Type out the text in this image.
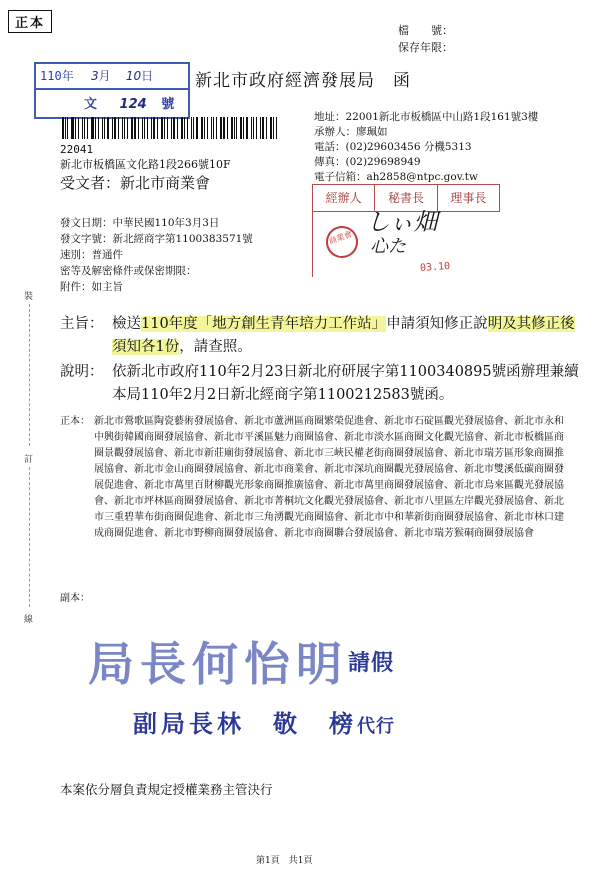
正本	檔　　號：
保存年限：
110年 3月 10日
文 124 號
新北市政府經濟發展局　函
地址：22001新北市板橋區中山路1段161號3樓
承辦人：廖珮如
電話：(02)29603456 分機5313
傳真：(02)29698949
電子信箱：ah2858@ntpc.gov.tw
22041
新北市板橋區文化路1段266號10F
受文者：新北市商業會
經辦人	秘書長	理事長
商業會
しぃ畑
心た
03.10
發文日期：中華民國110年3月3日
發文字號：新北經商字第1100383571號
速別：普通件
密等及解密條件或保密期限：
附件：如主旨
裝
訂
線
主旨： 檢送110年度「地方創生青年培力工作站」申請須知修正說明及其修正後須知各1份，請查照。
說明： 依新北市政府110年2月23日新北府研展字第1100340895號函辦理兼續本局110年2月2日新北經商字第1100212583號函。
正本： 新北市鶯歌區陶瓷藝術發展協會、新北市蘆洲區商圈繁榮促進會、新北市石碇區觀光發展協會、新北市永和中興街韓國商圈發展協會、新北市平溪區魅力商圈協會、新北市淡水區商圈文化觀光協會、新北市板橋區商圈景觀發展協會、新北市新莊廟街發展協會、新北市三峽民權老街商圈發展協會、新北市瑞芳區形象商圈推展協會、新北市金山商圈發展協會、新北市商業會、新北市深坑商圈觀光發展協會、新北市雙溪低碳商圈發展促進會、新北市萬里百財柳觀光形象商圈推廣協會、新北市萬里商圈發展協會、新北市烏來區觀光發展協會、新北市坪林區商圈發展協會、新北市菁桐坑文化觀光發展協會、新北市八里區左岸觀光發展協會、新北市三重碧華布街商圈促進會、新北市三角湧觀光商圈協會、新北市中和華新街商圈發展協會、新北市林口建成商圈促進會、新北市野柳商圈發展協會、新北市商圈聯合發展協會、新北市瑞芳猴硐商圈發展協會
副本：
局長何怡明請假
副局長林　敬　榜代行
本案依分層負責規定授權業務主管決行
第1頁　共1頁
